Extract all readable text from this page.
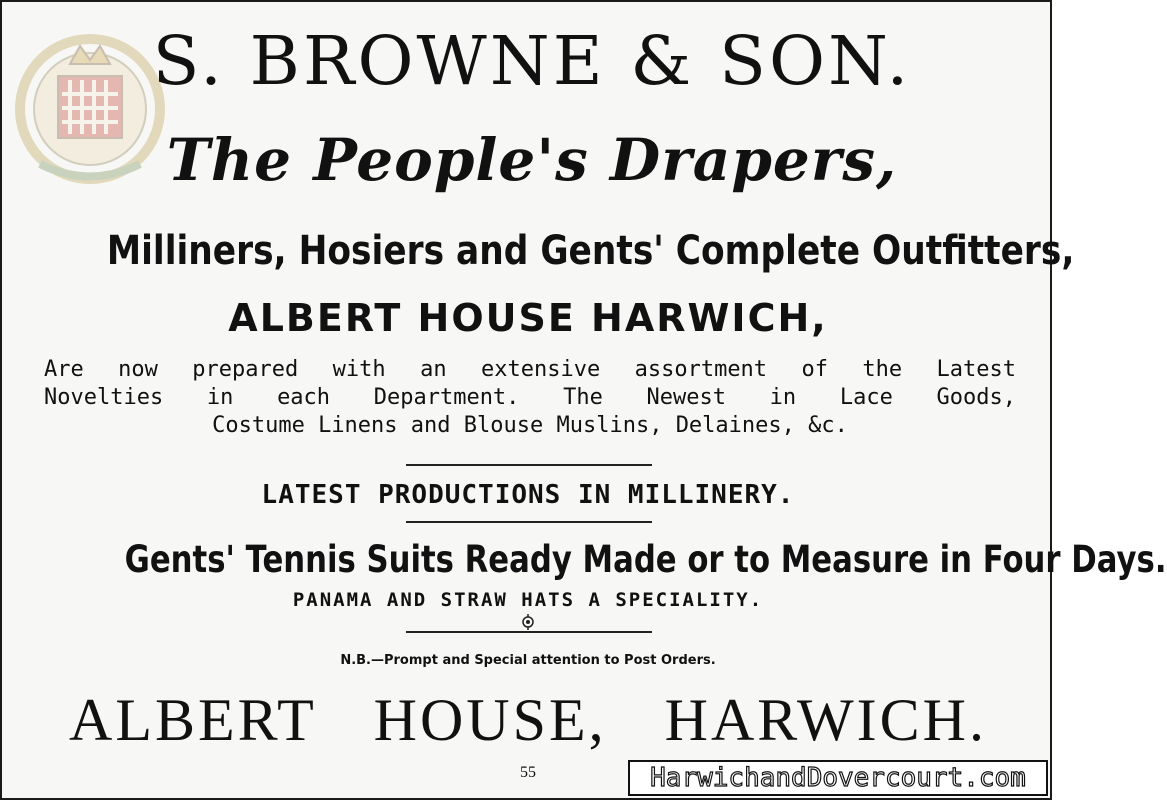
S. BROWNE & SON.
The People's Drapers,
Milliners, Hosiers and Gents' Complete Outfitters,
ALBERT HOUSE HARWICH,
Are now prepared with an extensive assortment of the Latest
Novelties in each Department. The Newest in Lace Goods,
Costume Linens and Blouse Muslins, Delaines, &c.
LATEST PRODUCTIONS IN MILLINERY.
Gents' Tennis Suits Ready Made or to Measure in Four Days.
PANAMA AND STRAW HATS A SPECIALITY.
N.B.—Prompt and Special attention to Post Orders.
ALBERT HOUSE, HARWICH.
55	HarwichandDovercourt.com
